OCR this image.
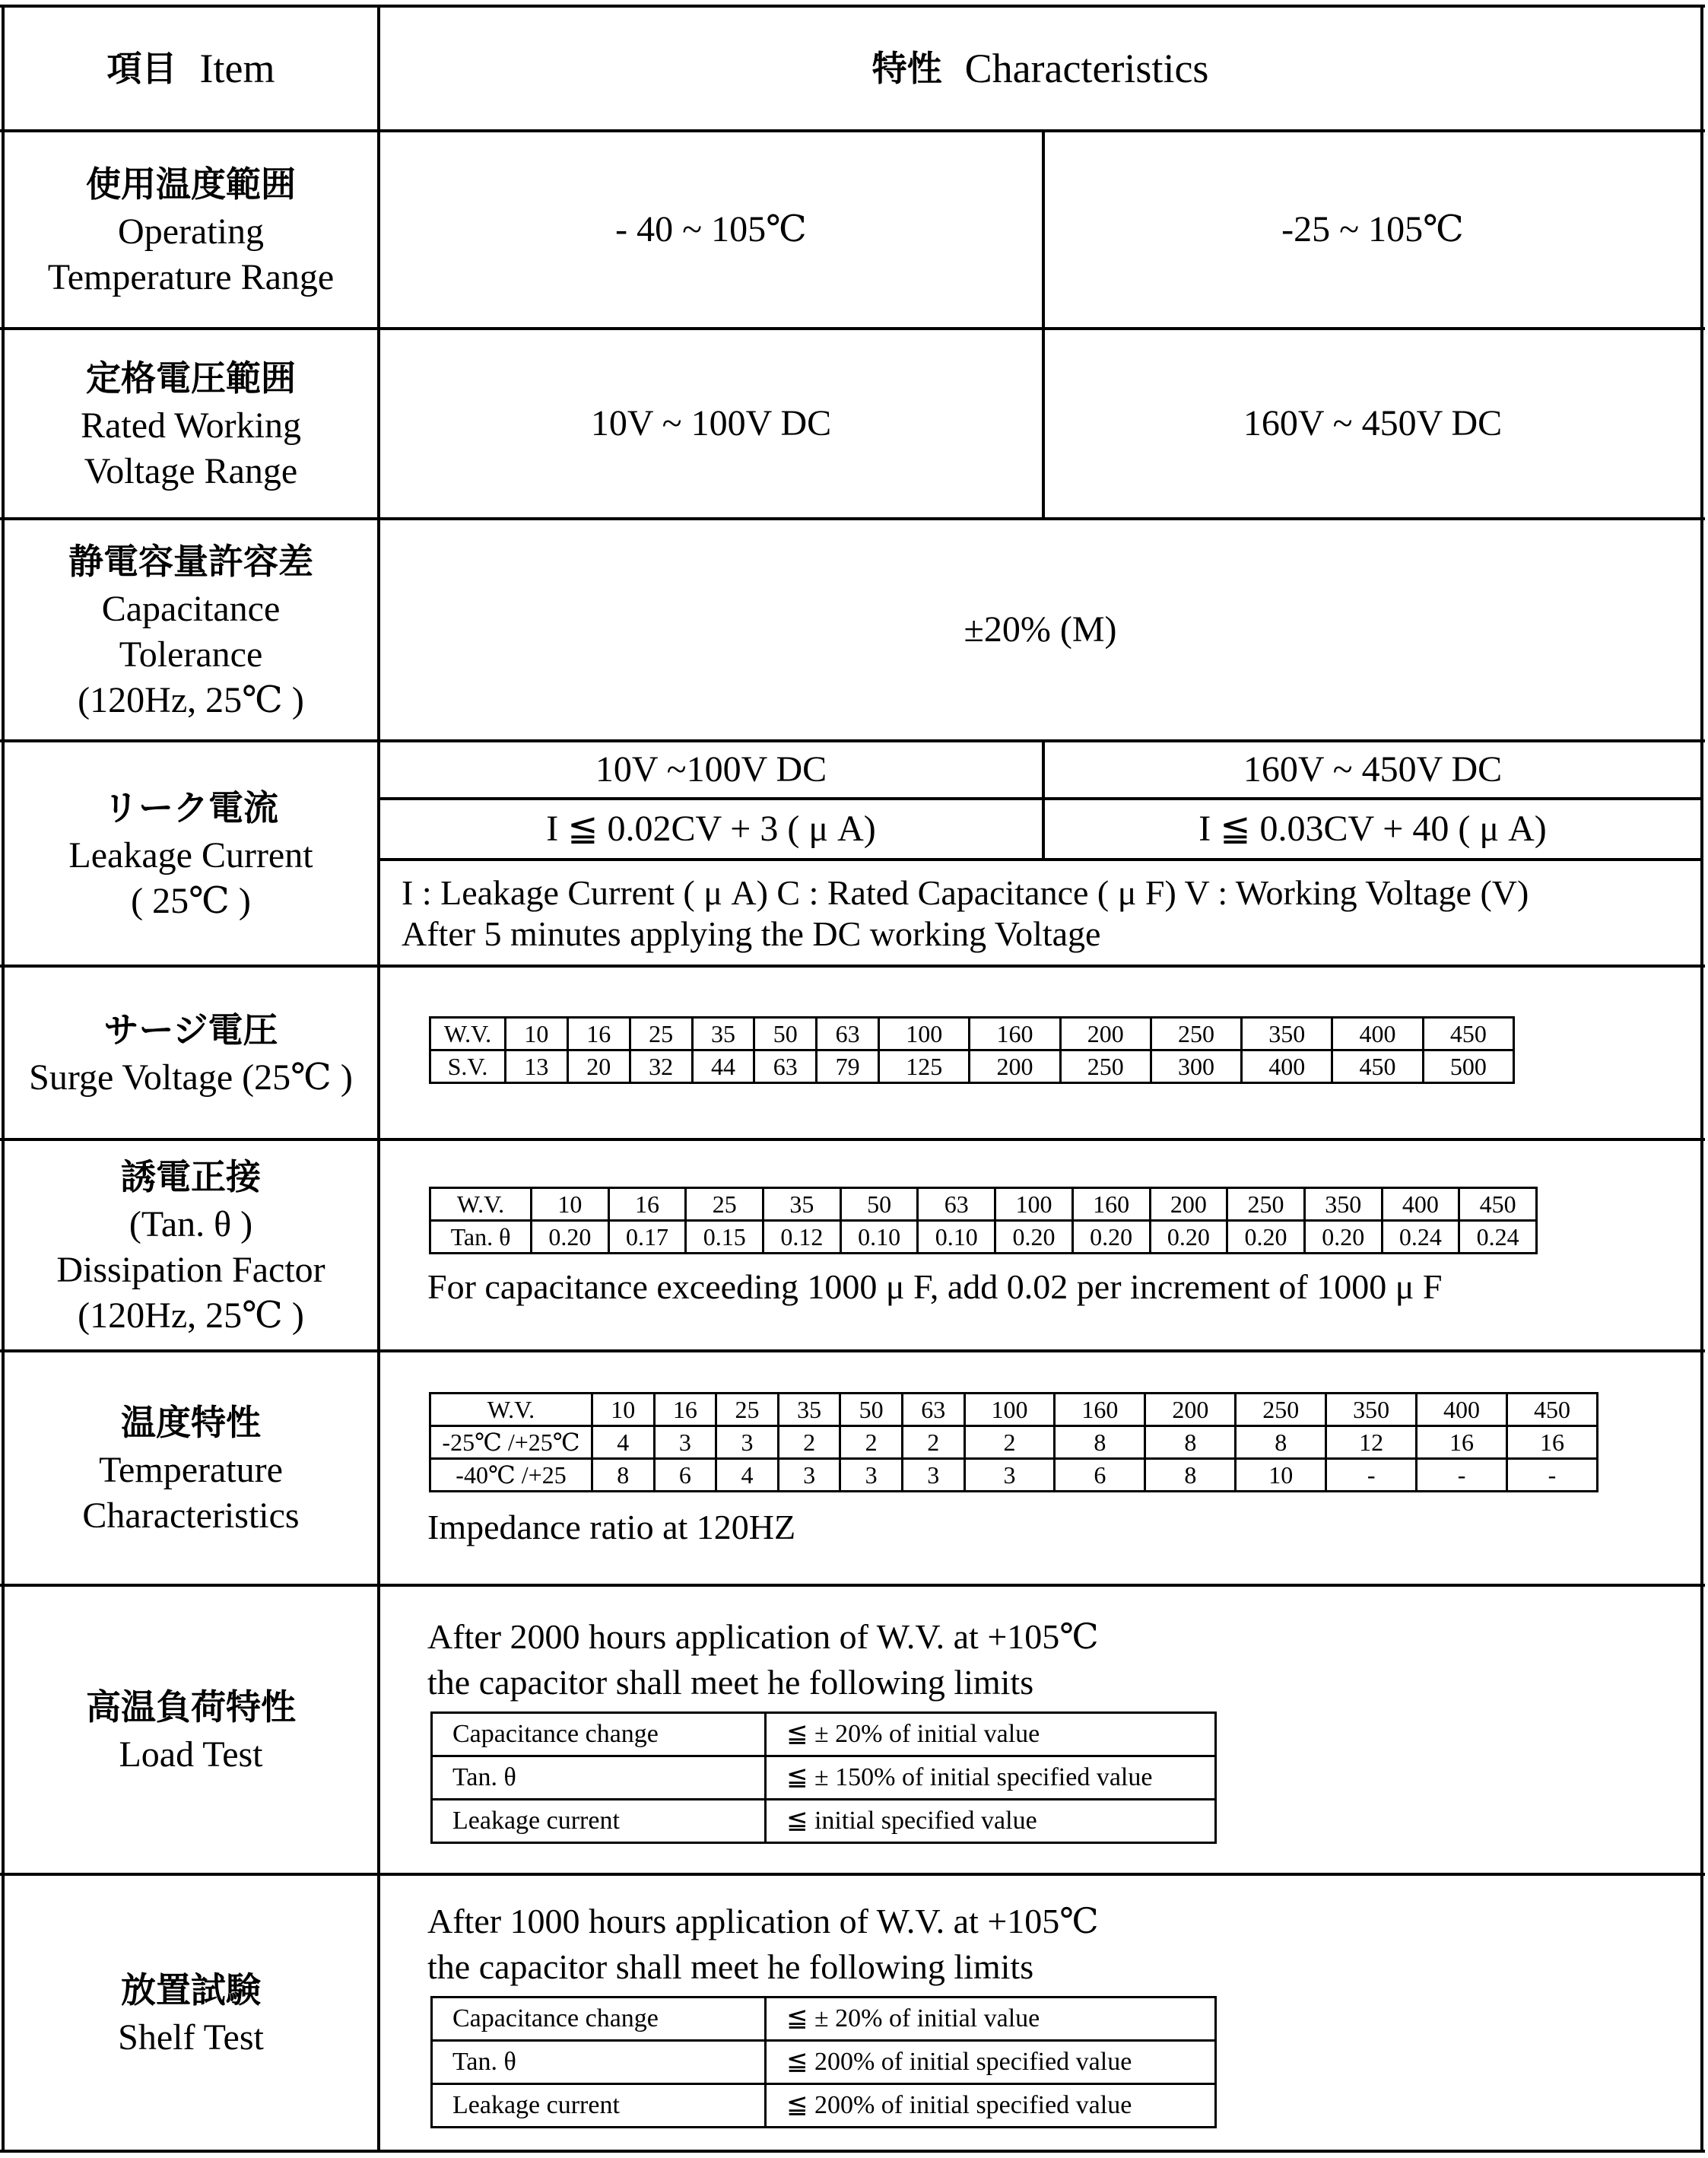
項目 Item	特性 Characteristics
使用温度範囲
Operating
Temperature Range
- 40 ~ 105℃	-25 ~ 105℃
定格電圧範囲
Rated Working
Voltage Range
10V ~ 100V DC	160V ~ 450V DC
静電容量許容差
Capacitance
Tolerance
(120Hz, 25℃ )
±20% (M)
リーク電流
Leakage Current
( 25℃ )
10V ~100V DC	160V ~ 450V DC
I ≦ 0.02CV + 3 ( μ A)	I ≦ 0.03CV + 40 ( μ A)
I : Leakage Current ( μ A) C : Rated Capacitance ( μ F) V : Working Voltage (V)
After 5 minutes applying the DC working Voltage
サージ電圧
Surge Voltage (25℃ )
W.V.	10	16	25	35	50	63	100	160	200	250	350	400	450
S.V.	13	20	32	44	63	79	125	200	250	300	400	450	500
誘電正接
(Tan. θ )
Dissipation Factor
(120Hz, 25℃ )
W.V.	10	16	25	35	50	63	100	160	200	250	350	400	450
Tan. θ	0.20	0.17	0.15	0.12	0.10	0.10	0.20	0.20	0.20	0.20	0.20	0.24	0.24
For capacitance exceeding 1000 μ F, add 0.02 per increment of 1000 μ F
温度特性
Temperature
Characteristics
W.V.	10	16	25	35	50	63	100	160	200	250	350	400	450
-25℃ /+25℃	4	3	3	2	2	2	2	8	8	8	12	16	16
-40℃ /+25	8	6	4	3	3	3	3	6	8	10	-	-	-
Impedance ratio at 120HZ
高温負荷特性
Load Test
After 2000 hours application of W.V. at +105℃
the capacitor shall meet he following limits
Capacitance change	≦ ± 20% of initial value
Tan. θ	≦ ± 150% of initial specified value
Leakage current	≦ initial specified value
放置試験
Shelf Test
After 1000 hours application of W.V. at +105℃
the capacitor shall meet he following limits
Capacitance change	≦ ± 20% of initial value
Tan. θ	≦ 200% of initial specified value
Leakage current	≦ 200% of initial specified value
